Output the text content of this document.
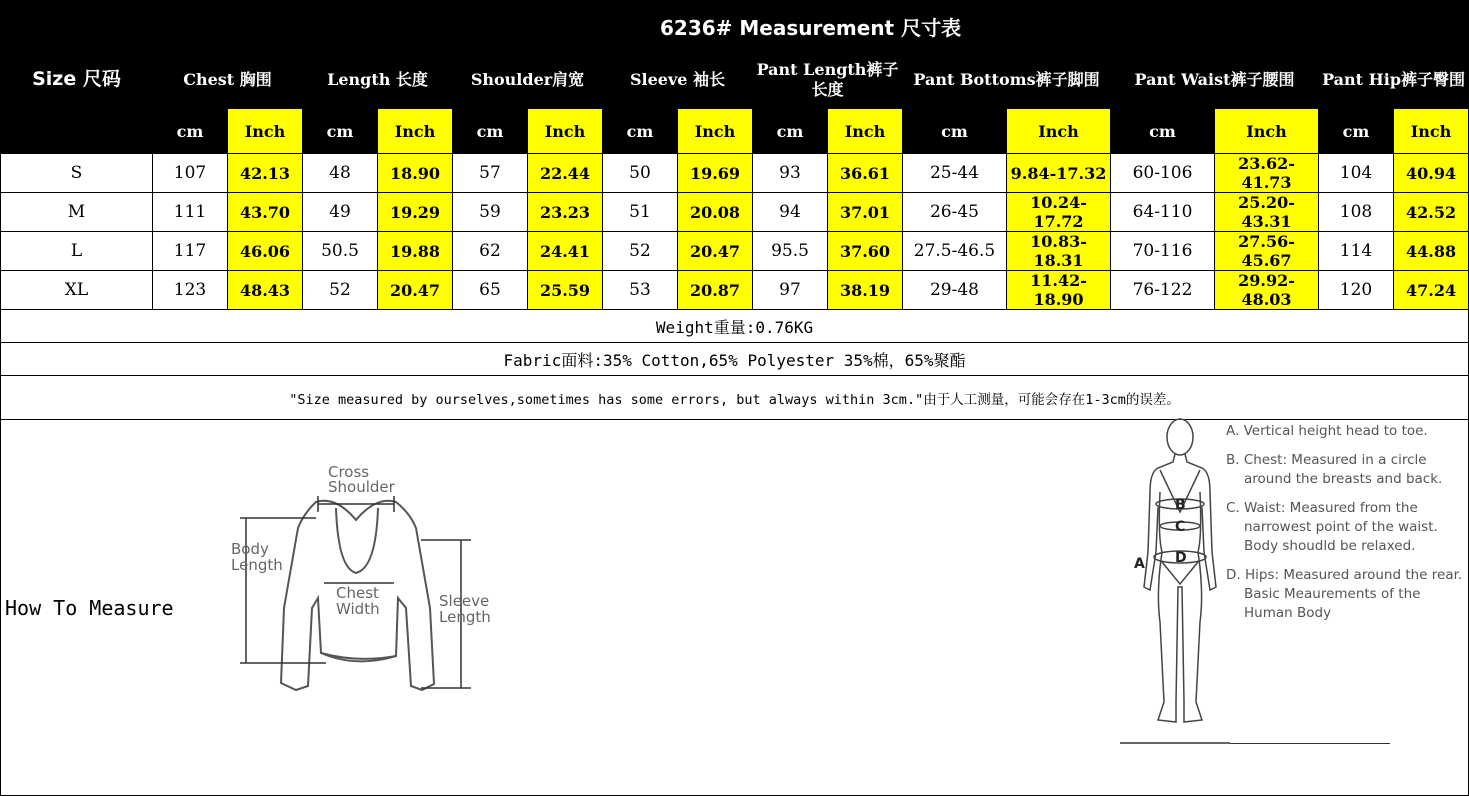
Size 尺码	6236# Measurement 尺寸表															
	Chest 胸围		Length 长度		Shoulder肩宽		Sleeve 袖长		Pant Length裤子长度		Pant Bottoms裤子脚围		Pant Waist裤子腰围		Pant Hip裤子臀围	
	cm	Inch	cm	Inch	cm	Inch	cm	Inch	cm	Inch	cm	Inch	cm	Inch	cm	Inch
S	107	42.13	48	18.90	57	22.44	50	19.69	93	36.61	25-44	9.84-17.32	60-106	23.62-41.73	104	40.94
M	111	43.70	49	19.29	59	23.23	51	20.08	94	37.01	26-45	10.24-17.72	64-110	25.20-43.31	108	42.52
L	117	46.06	50.5	19.88	62	24.41	52	20.47	95.5	37.60	27.5-46.5	10.83-18.31	70-116	27.56-45.67	114	44.88
XL	123	48.43	52	20.47	65	25.59	53	20.87	97	38.19	29-48	11.42-18.90	76-122	29.92-48.03	120	47.24
Weight重量:0.76KG																
Fabric面料:35% Cotton,65% Polyester 35%棉，65%聚酯																
"Size measured by ourselves,sometimes has some errors, but always within 3cm."由于人工测量，可能会存在1-3cm的误差。																

How To Measure																
Cross
Shoulder
Body
Length
Chest
Width	Sleeve
Length
B
C
D
A
A. Vertical height head to toe.
B. Chest: Measured in a circle around the breasts and back.
C. Waist: Measured from the narrowest point of the waist. Body shoudld be relaxed.
D. Hips: Measured around the rear. Basic Meaurements of the Human Body
